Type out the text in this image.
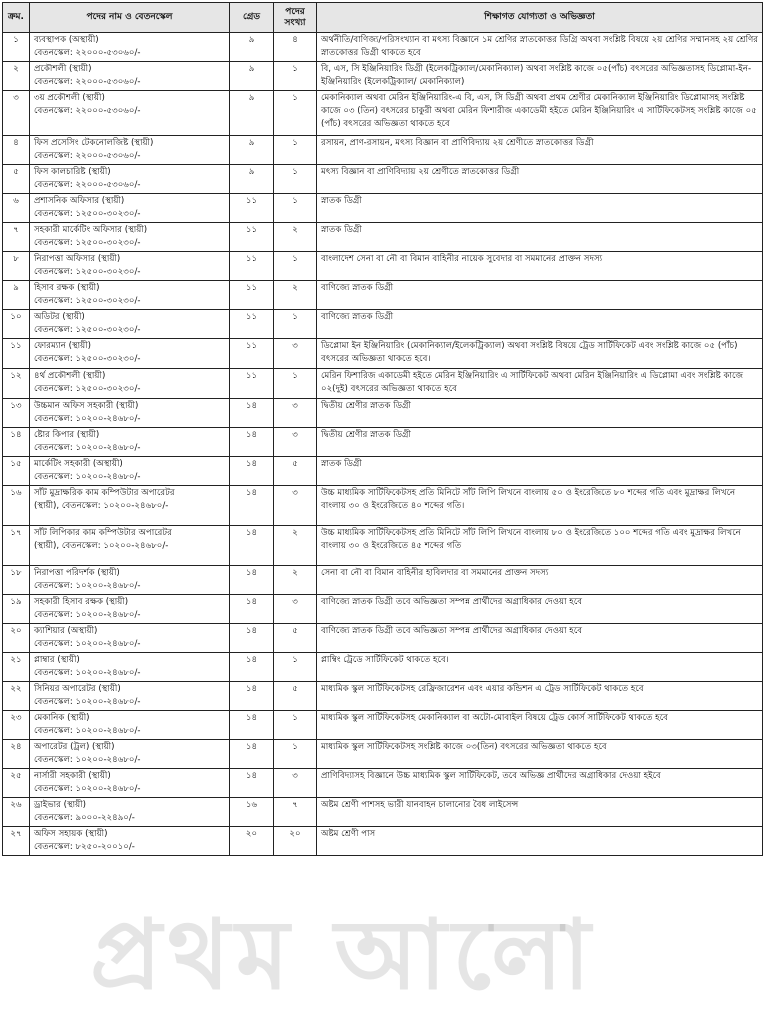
ক্রম.	পদের নাম ও বেতনস্কেল	গ্রেড	পদের সংখ্যা	শিক্ষাগত যোগ্যতা ও অভিজ্ঞতা
১	ব্যবস্থাপক (অস্থায়ী)
বেতনস্কেল: ২২০০০-৫৩০৬০/-	৯	৪	অর্থনীতি/বাণিজ্য/পরিসংখ্যান বা মৎস্য বিজ্ঞানে ১ম শ্রেণির স্নাতকোত্তর ডিগ্রি অথবা সংশ্লিষ্ট বিষয়ে ২য় শ্রেণির সম্মানসহ ২য় শ্রেণির স্নাতকোত্তর ডিগ্রী থাকতে হবে
২	প্রকৌশলী (স্থায়ী)
বেতনস্কেল: ২২০০০-৫৩০৬০/-	৯	১	বি, এস, সি ইঞ্জিনিয়ারিং ডিগ্রী (ইলেকট্রিক্যাল/মেকানিক্যাল) অথবা সংশ্লিষ্ট কাজে ০৫(পাঁচ) বৎসরের অভিজ্ঞতাসহ ডিপ্লোমা-ইন-ইঞ্জিনিয়ারিং (ইলেকট্রিক্যাল/ মেকানিক্যাল)
৩	৩য় প্রকৌশলী (স্থায়ী)
বেতনস্কেল: ২২০০০-৫৩০৬০/-	৯	১	মেকানিক্যাল অথবা মেরিন ইঞ্জিনিয়ারিং-এ বি, এস, সি ডিগ্রী অথবা প্রথম শ্রেণীর মেকানিক্যাল ইঞ্জিনিয়ারিং ডিপ্লোমাসহ সংশ্লিষ্ট কাজে ০৩ (তিন) বৎসরের চাকুরী অথবা মেরিন ফিশারীজ একাডেমী হইতে মেরিন ইঞ্জিনিয়ারিং এ সার্টিফিকেটসহ সংশ্লিষ্ট কাজে ০৫ (পাঁচ) বৎসরের অভিজ্ঞতা থাকতে হবে
৪	ফিস প্রসেসিং টেকনোলজিষ্ট (স্থায়ী)
বেতনস্কেল: ২২০০০-৫৩০৬০/-	৯	১	রসায়ন, প্রাণ-রসায়ন, মৎস্য বিজ্ঞান বা প্রাণিবিদ্যায় ২য় শ্রেণীতে স্নাতকোত্তর ডিগ্রী
৫	ফিস কালচারিষ্ট (স্থায়ী)
বেতনস্কেল: ২২০০০-৫৩০৬০/-	৯	১	মৎস্য বিজ্ঞান বা প্রাণিবিদ্যায় ২য় শ্রেণীতে স্নাতকোত্তর ডিগ্রী
৬	প্রশাসনিক অফিসার (স্থায়ী)
বেতনস্কেল: ১২৫০০-৩০২৩০/-	১১	১	স্নাতক ডিগ্রী
৭	সহকারী মার্কেটিং অফিসার (স্থায়ী)
বেতনস্কেল: ১২৫০০-৩০২৩০/-	১১	২	স্নাতক ডিগ্রী
৮	নিরাপত্তা অফিসার (স্থায়ী)
বেতনস্কেল: ১২৫০০-৩০২৩০/-	১১	১	বাংলাদেশ সেনা বা নৌ বা বিমান বাহিনীর নায়েক সুবেদার বা সমমানের প্রাক্তন সদস্য
৯	হিসাব রক্ষক (স্থায়ী)
বেতনস্কেল: ১২৫০০-৩০২৩০/-	১১	২	বাণিজ্যে স্নাতক ডিগ্রী
১০	অডিটর (স্থায়ী)
বেতনস্কেল: ১২৫০০-৩০২৩০/-	১১	১	বাণিজ্যে স্নাতক ডিগ্রী
১১	ফোরম্যান (স্থায়ী)
বেতনস্কেল: ১২৫০০-৩০২৩০/-	১১	৩	ডিপ্লোমা ইন ইঞ্জিনিয়ারিং (মেকানিক্যাল/ইলেকট্রিক্যাল) অথবা সংশ্লিষ্ট বিষয়ে ট্রেড সার্টিফিকেট এবং সংশ্লিষ্ট কাজে ০৫ (পাঁচ) বৎসরের অভিজ্ঞতা থাকতে হবে।
১২	৪র্থ প্রকৌশলী (স্থায়ী)
বেতনস্কেল: ১২৫০০-৩০২৩০/-	১১	১	মেরিন ফিশারিজ একাডেমী হইতে মেরিন ইঞ্জিনিয়ারিং এ সার্টিফিকেট অথবা মেরিন ইঞ্জিনিয়ারিং এ ডিপ্লোমা এবং সংশ্লিষ্ট কাজে ০২(দুই) বৎসরের অভিজ্ঞতা থাকতে হবে
১৩	উচ্চমান অফিস সহকারী (স্থায়ী)
বেতনস্কেল: ১০২০০-২৪৬৮০/-	১৪	৩	দ্বিতীয় শ্রেণীর স্নাতক ডিগ্রী
১৪	ষ্টোর কিপার (স্থায়ী)
বেতনস্কেল: ১০২০০-২৪৬৮০/-	১৪	৩	দ্বিতীয় শ্রেণীর স্নাতক ডিগ্রী
১৫	মার্কেটিং সহকারী (অস্থায়ী)
বেতনস্কেল: ১০২০০-২৪৬৮০/-	১৪	৫	স্নাতক ডিগ্রী
১৬	সাঁট মুদ্রাক্ষরিক কাম কম্পিউটার অপারেটর
(স্থায়ী), বেতনস্কেল: ১০২০০-২৪৬৮০/-	১৪	৩	উচ্চ মাধ্যমিক সার্টিফিকেটসহ প্রতি মিনিটে সাঁট লিপি লিখনে বাংলায় ৫০ ও ইংরেজিতে ৮০ শব্দের গতি এবং মুদ্রাক্ষর লিখনে বাংলায় ৩০ ও ইংরেজিতে ৪০ শব্দের গতি।
১৭	সাঁট লিপিকার কাম কম্পিউটার অপারেটর
(স্থায়ী), বেতনস্কেল: ১০২০০-২৪৬৮০/-	১৪	২	উচ্চ মাধ্যমিক সার্টিফিকেটসহ প্রতি মিনিটে সাঁট লিপি লিখনে বাংলায় ৮০ ও ইংরেজিতে ১০০ শব্দের গতি এবং মুদ্রাক্ষর লিখনে বাংলায় ৩০ ও ইংরেজিতে ৪৫ শব্দের গতি
১৮	নিরাপত্তা পরিদর্শক (স্থায়ী)
বেতনস্কেল: ১০২০০-২৪৬৮০/-	১৪	২	সেনা বা নৌ বা বিমান বাহিনীর হাবিলদার বা সমমানের প্রাক্তন সদস্য
১৯	সহকারী হিসাব রক্ষক (স্থায়ী)
বেতনস্কেল: ১০২০০-২৪৬৮০/-	১৪	৩	বাণিজ্যে স্নাতক ডিগ্রী তবে অভিজ্ঞতা সম্পন্ন প্রার্থীদের অগ্রাধিকার দেওয়া হবে
২০	ক্যাশিয়ার (অস্থায়ী)
বেতনস্কেল: ১০২০০-২৪৬৮০/-	১৪	৫	বাণিজ্যে স্নাতক ডিগ্রী তবে অভিজ্ঞতা সম্পন্ন প্রার্থীদের অগ্রাধিকার দেওয়া হবে
২১	প্লাম্বার (স্থায়ী)
বেতনস্কেল: ১০২০০-২৪৬৮০/-	১৪	১	প্লাম্বিং ট্রেডে সার্টিফিকেট থাকতে হবে।
২২	সিনিয়র অপারেটর (স্থায়ী)
বেতনস্কেল: ১০২০০-২৪৬৮০/-	১৪	৫	মাধ্যমিক স্কুল সার্টিফিকেটসহ রেফ্রিজারেশন এবং এয়ার কন্ডিশন এ ট্রেড সার্টিফিকেট থাকতে হবে
২৩	মেকানিক (স্থায়ী)
বেতনস্কেল: ১০২০০-২৪৬৮০/-	১৪	১	মাধ্যমিক স্কুল সার্টিফিকেটসহ মেকানিক্যাল বা অটো-মোবাইল বিষয়ে ট্রেড কোর্স সার্টিফিকেট থাকতে হবে
২৪	অপারেটর (ট্রল) (স্থায়ী)
বেতনস্কেল: ১০২০০-২৪৬৮০/-	১৪	১	মাধ্যমিক স্কুল সার্টিফিকেটসহ সংশ্লিষ্ট কাজে ০৩(তিন) বৎসরের অভিজ্ঞতা থাকতে হবে
২৫	নার্সারী সহকারী (স্থায়ী)
বেতনস্কেল: ১০২০০-২৪৬৮০/-	১৪	৩	প্রাণিবিদ্যাসহ বিজ্ঞানে উচ্চ মাধ্যমিক স্কুল সার্টিফিকেট, তবে অভিজ্ঞ প্রার্থীদের অগ্রাধিকার দেওয়া হইবে
২৬	ড্রাইভার (স্থায়ী)
বেতনস্কেল: ৯০০০-২২৪৯০/-	১৬	৭	অষ্টম শ্রেণী পাশসহ ভারী যানবাহন চালানোর বৈধ লাইসেন্স
২৭	অফিস সহায়ক (স্থায়ী)
বেতনস্কেল: ৮২৫০-২০০১০/-	২০	২০	অষ্টম শ্রেণী পাস
প্রথম আলো
